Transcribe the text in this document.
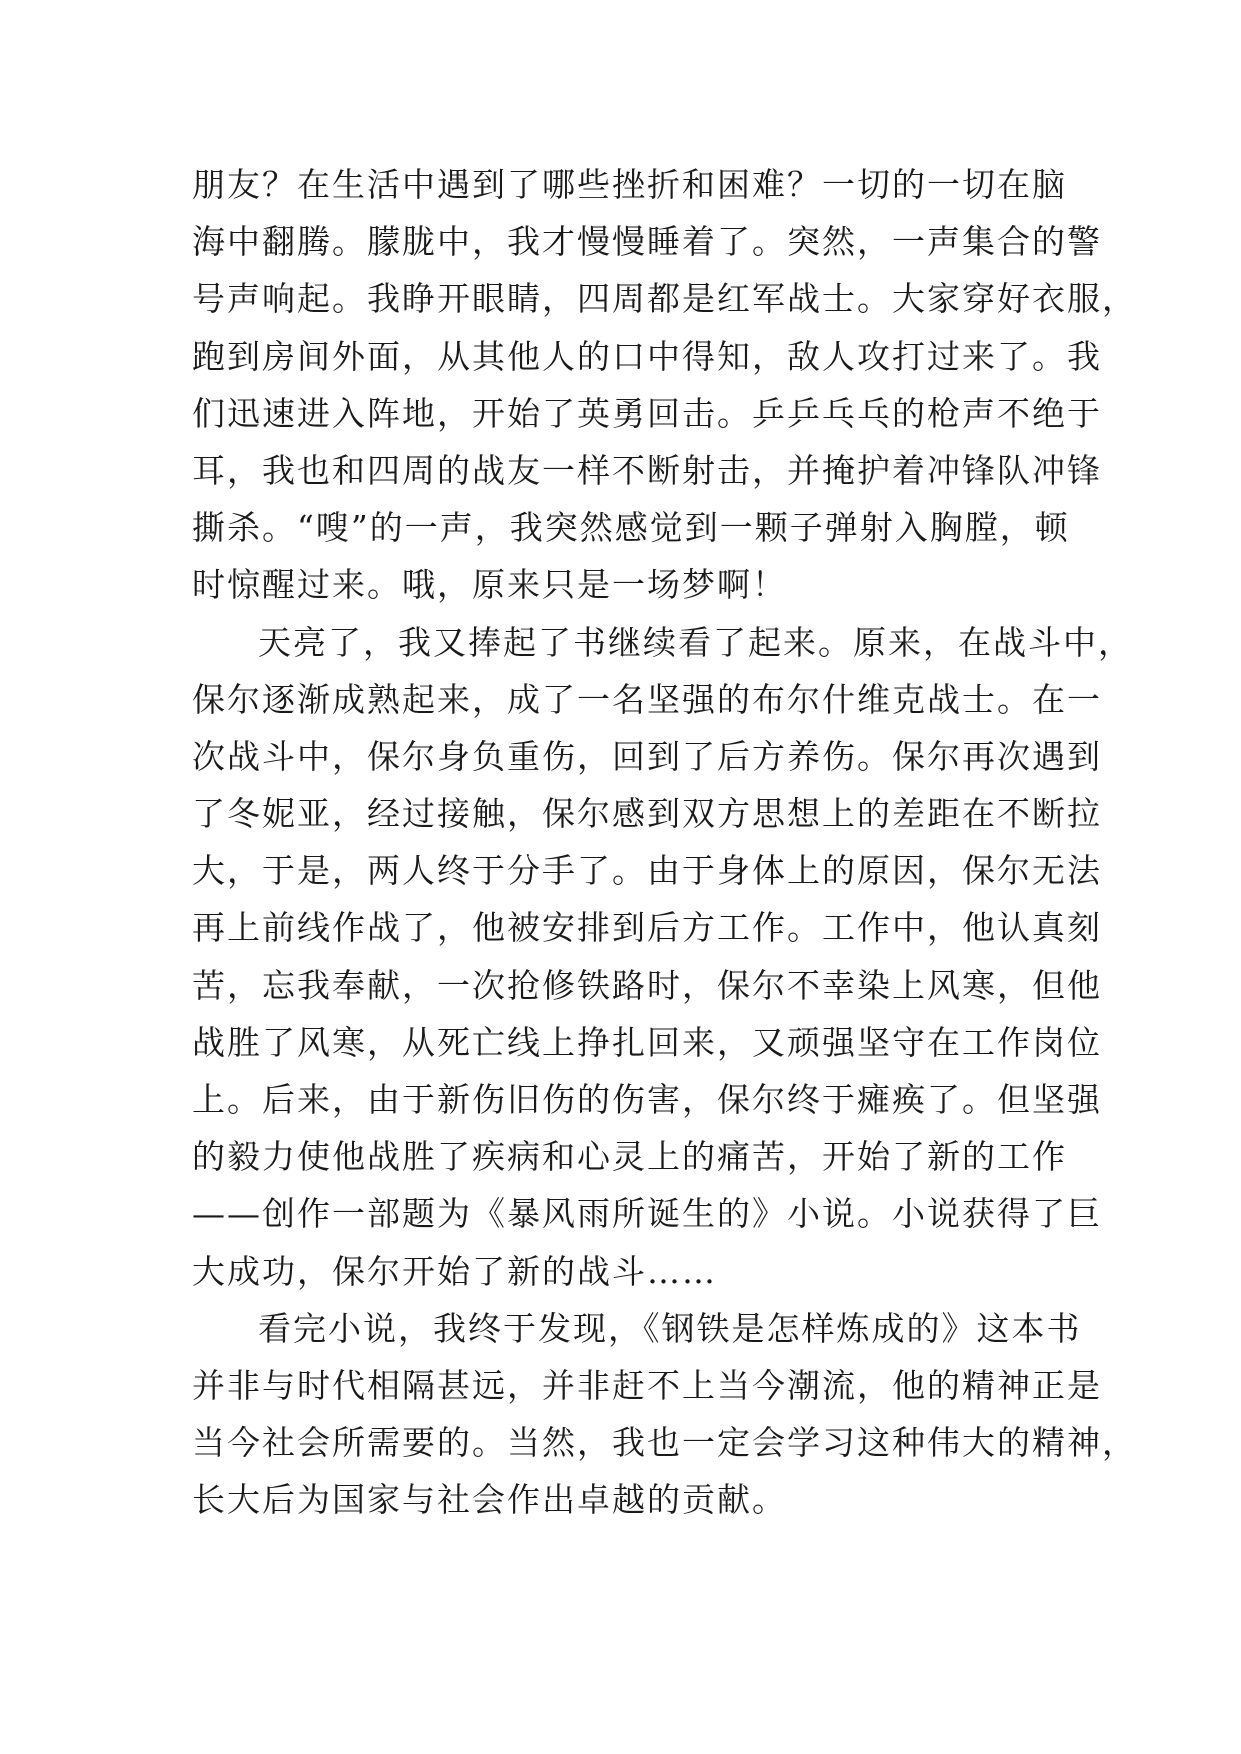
朋友？在生活中遇到了哪些挫折和困难？一切的一切在脑
海中翻腾。朦胧中，我才慢慢睡着了。突然，一声集合的警
号声响起。我睁开眼睛，四周都是红军战士。大家穿好衣服，
跑到房间外面，从其他人的口中得知，敌人攻打过来了。我
们迅速进入阵地，开始了英勇回击。乒乒乓乓的枪声不绝于
耳，我也和四周的战友一样不断射击，并掩护着冲锋队冲锋
撕杀。“嗖”的一声，我突然感觉到一颗子弹射入胸膛，顿
时惊醒过来。哦，原来只是一场梦啊！
天亮了，我又捧起了书继续看了起来。原来，在战斗中，
保尔逐渐成熟起来，成了一名坚强的布尔什维克战士。在一
次战斗中，保尔身负重伤，回到了后方养伤。保尔再次遇到
了冬妮亚，经过接触，保尔感到双方思想上的差距在不断拉
大，于是，两人终于分手了。由于身体上的原因，保尔无法
再上前线作战了，他被安排到后方工作。工作中，他认真刻
苦，忘我奉献，一次抢修铁路时，保尔不幸染上风寒，但他
战胜了风寒，从死亡线上挣扎回来，又顽强坚守在工作岗位
上。后来，由于新伤旧伤的伤害，保尔终于瘫痪了。但坚强
的毅力使他战胜了疾病和心灵上的痛苦，开始了新的工作
——创作一部题为《暴风雨所诞生的》小说。小说获得了巨
大成功，保尔开始了新的战斗……
看完小说，我终于发现，《钢铁是怎样炼成的》这本书
并非与时代相隔甚远，并非赶不上当今潮流，他的精神正是
当今社会所需要的。当然，我也一定会学习这种伟大的精神，
长大后为国家与社会作出卓越的贡献。
